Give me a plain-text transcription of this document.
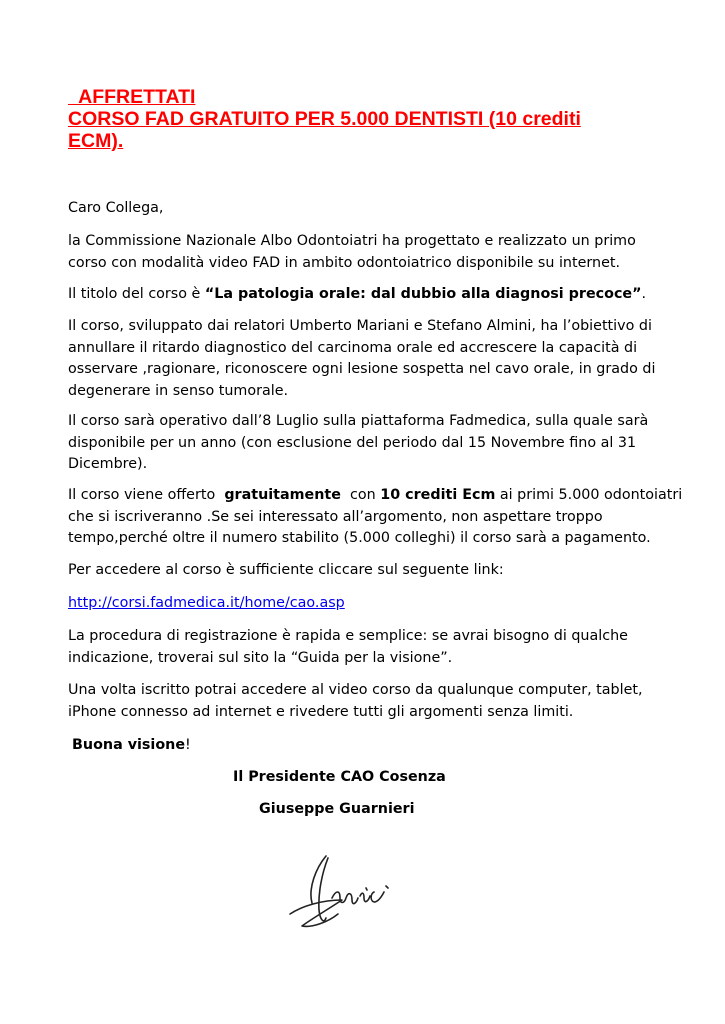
AFFRETTATI
CORSO FAD GRATUITO PER 5.000 DENTISTI (10 crediti
ECM).

Caro Collega,

la Commissione Nazionale Albo Odontoiatri ha progettato e realizzato un primo
corso con modalità video FAD in ambito odontoiatrico disponibile su internet.

Il titolo del corso è “La patologia orale: dal dubbio alla diagnosi precoce”.

Il corso, sviluppato dai relatori Umberto Mariani e Stefano Almini, ha l’obiettivo di
annullare il ritardo diagnostico del carcinoma orale ed accrescere la capacità di
osservare ,ragionare, riconoscere ogni lesione sospetta nel cavo orale, in grado di
degenerare in senso tumorale.

Il corso sarà operativo dall’8 Luglio sulla piattaforma Fadmedica, sulla quale sarà
disponibile per un anno (con esclusione del periodo dal 15 Novembre fino al 31
Dicembre).

Il corso viene offerto  gratuitamente  con 10 crediti Ecm ai primi 5.000 odontoiatri
che si iscriveranno .Se sei interessato all’argomento, non aspettare troppo
tempo,perché oltre il numero stabilito (5.000 colleghi) il corso sarà a pagamento.

Per accedere al corso è sufficiente cliccare sul seguente link:

http://corsi.fadmedica.it/home/cao.asp

La procedura di registrazione è rapida e semplice: se avrai bisogno di qualche
indicazione, troverai sul sito la “Guida per la visione”.

Una volta iscritto potrai accedere al video corso da qualunque computer, tablet,
iPhone connesso ad internet e rivedere tutti gli argomenti senza limiti.

Buona visione!

Il Presidente CAO Cosenza

Giuseppe Guarnieri
